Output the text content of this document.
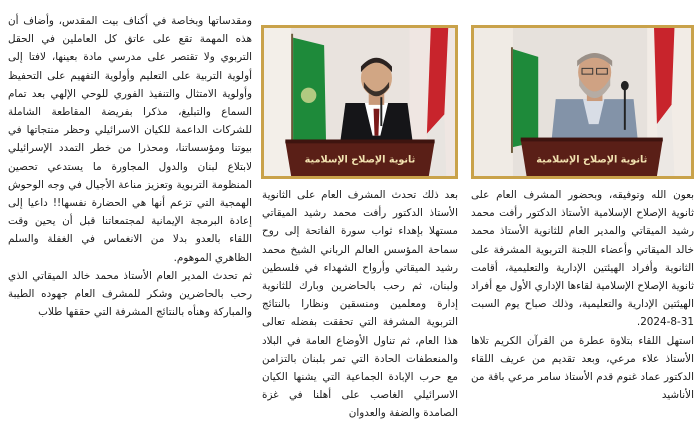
ثانوية الإصلاح الإسلامية	ثانوية الإصلاح الإسلامية

بعون الله وتوفيقه، وبحضور المشرف العام على ثانوية الإصلاح الإسلامية الأستاذ الدكتور رأفت محمد رشيد الميقاتي والمدير العام للثانوية الأستاذ محمد خالد الميقاتي وأعضاء اللجنة التربوية المشرفة على الثانوية وأفراد الهيئتين الإدارية والتعليمية، أقامت ثانوية الإصلاح الإسلامية لقاءها الإداري الأول مع أفراد الهيئتين الإدارية والتعليمية، وذلك صباح يوم السبت 31-8-2024.

استهل اللقاء بتلاوة عطرة من القرآن الكريم تلاها الأستاذ علاء مرعي، وبعد تقديم من عريف اللقاء الدكتور عماد غنوم قدم الأستاذ سامر مرعي باقة من الأناشيد

بعد ذلك تحدث المشرف العام على الثانوية الأستاذ الدكتور رأفت محمد رشيد الميقاتي مستهلا بإهداء ثواب سورة الفاتحة إلى روح سماحة المؤسس العالم الرباني الشيخ محمد رشيد الميقاتي وأرواح الشهداء في فلسطين ولبنان، ثم رحب بالحاضرين وبارك للثانوية إدارة ومعلمين ومنسقين ونظارا بالنتائج التربوية المشرفة التي تحققت بفضله تعالى هذا العام، ثم تناول الأوضاع العامة في البلاد والمنعطفات الحادة التي تمر بلبنان بالتزامن مع حرب الإبادة الجماعية التي يشنها الكيان الاسرائيلي الغاصب على أهلنا في غزة الصامدة والضفة والعدوان

ومقدساتها وبخاصة في أكناف بيت المقدس، وأضاف أن هذه المهمة تقع على عاتق كل العاملين في الحقل التربوي ولا تقتصر على مدرسي مادة بعينها، لافتا إلى أولوية التربية على التعليم وأولوية التفهيم على التحفيظ وأولوية الامتثال والتنفيذ الفوري للوحي الإلهي بعد تمام السماع والتبليغ، مذكرا بفريضة المقاطعة الشاملة للشركات الداعمة للكيان الاسرائيلي وحظر منتجاتها في بيوتنا ومؤسساتنا، ومحذرا من خطر التمدد الإسرائيلي لابتلاع لبنان والدول المجاورة ما يستدعي تحصين المنظومة التربوية وتعزيز مناعة الأجيال في وجه الوحوش الهمجية التي تزعم أنها هي الحضارة نفسها!! داعيا إلى إعادة البرمجة الإيمانية لمجتمعاتنا قبل أن يحين وقت اللقاء بالعدو بدلا من الانغماس في الغفلة والسلم الظاهري الموهوم.

ثم تحدث المدير العام الأستاذ محمد خالد الميقاتي الذي رحب بالحاضرين وشكر للمشرف العام جهوده الطيبة والمباركة وهنأه بالنتائج المشرفة التي حققها طلاب
